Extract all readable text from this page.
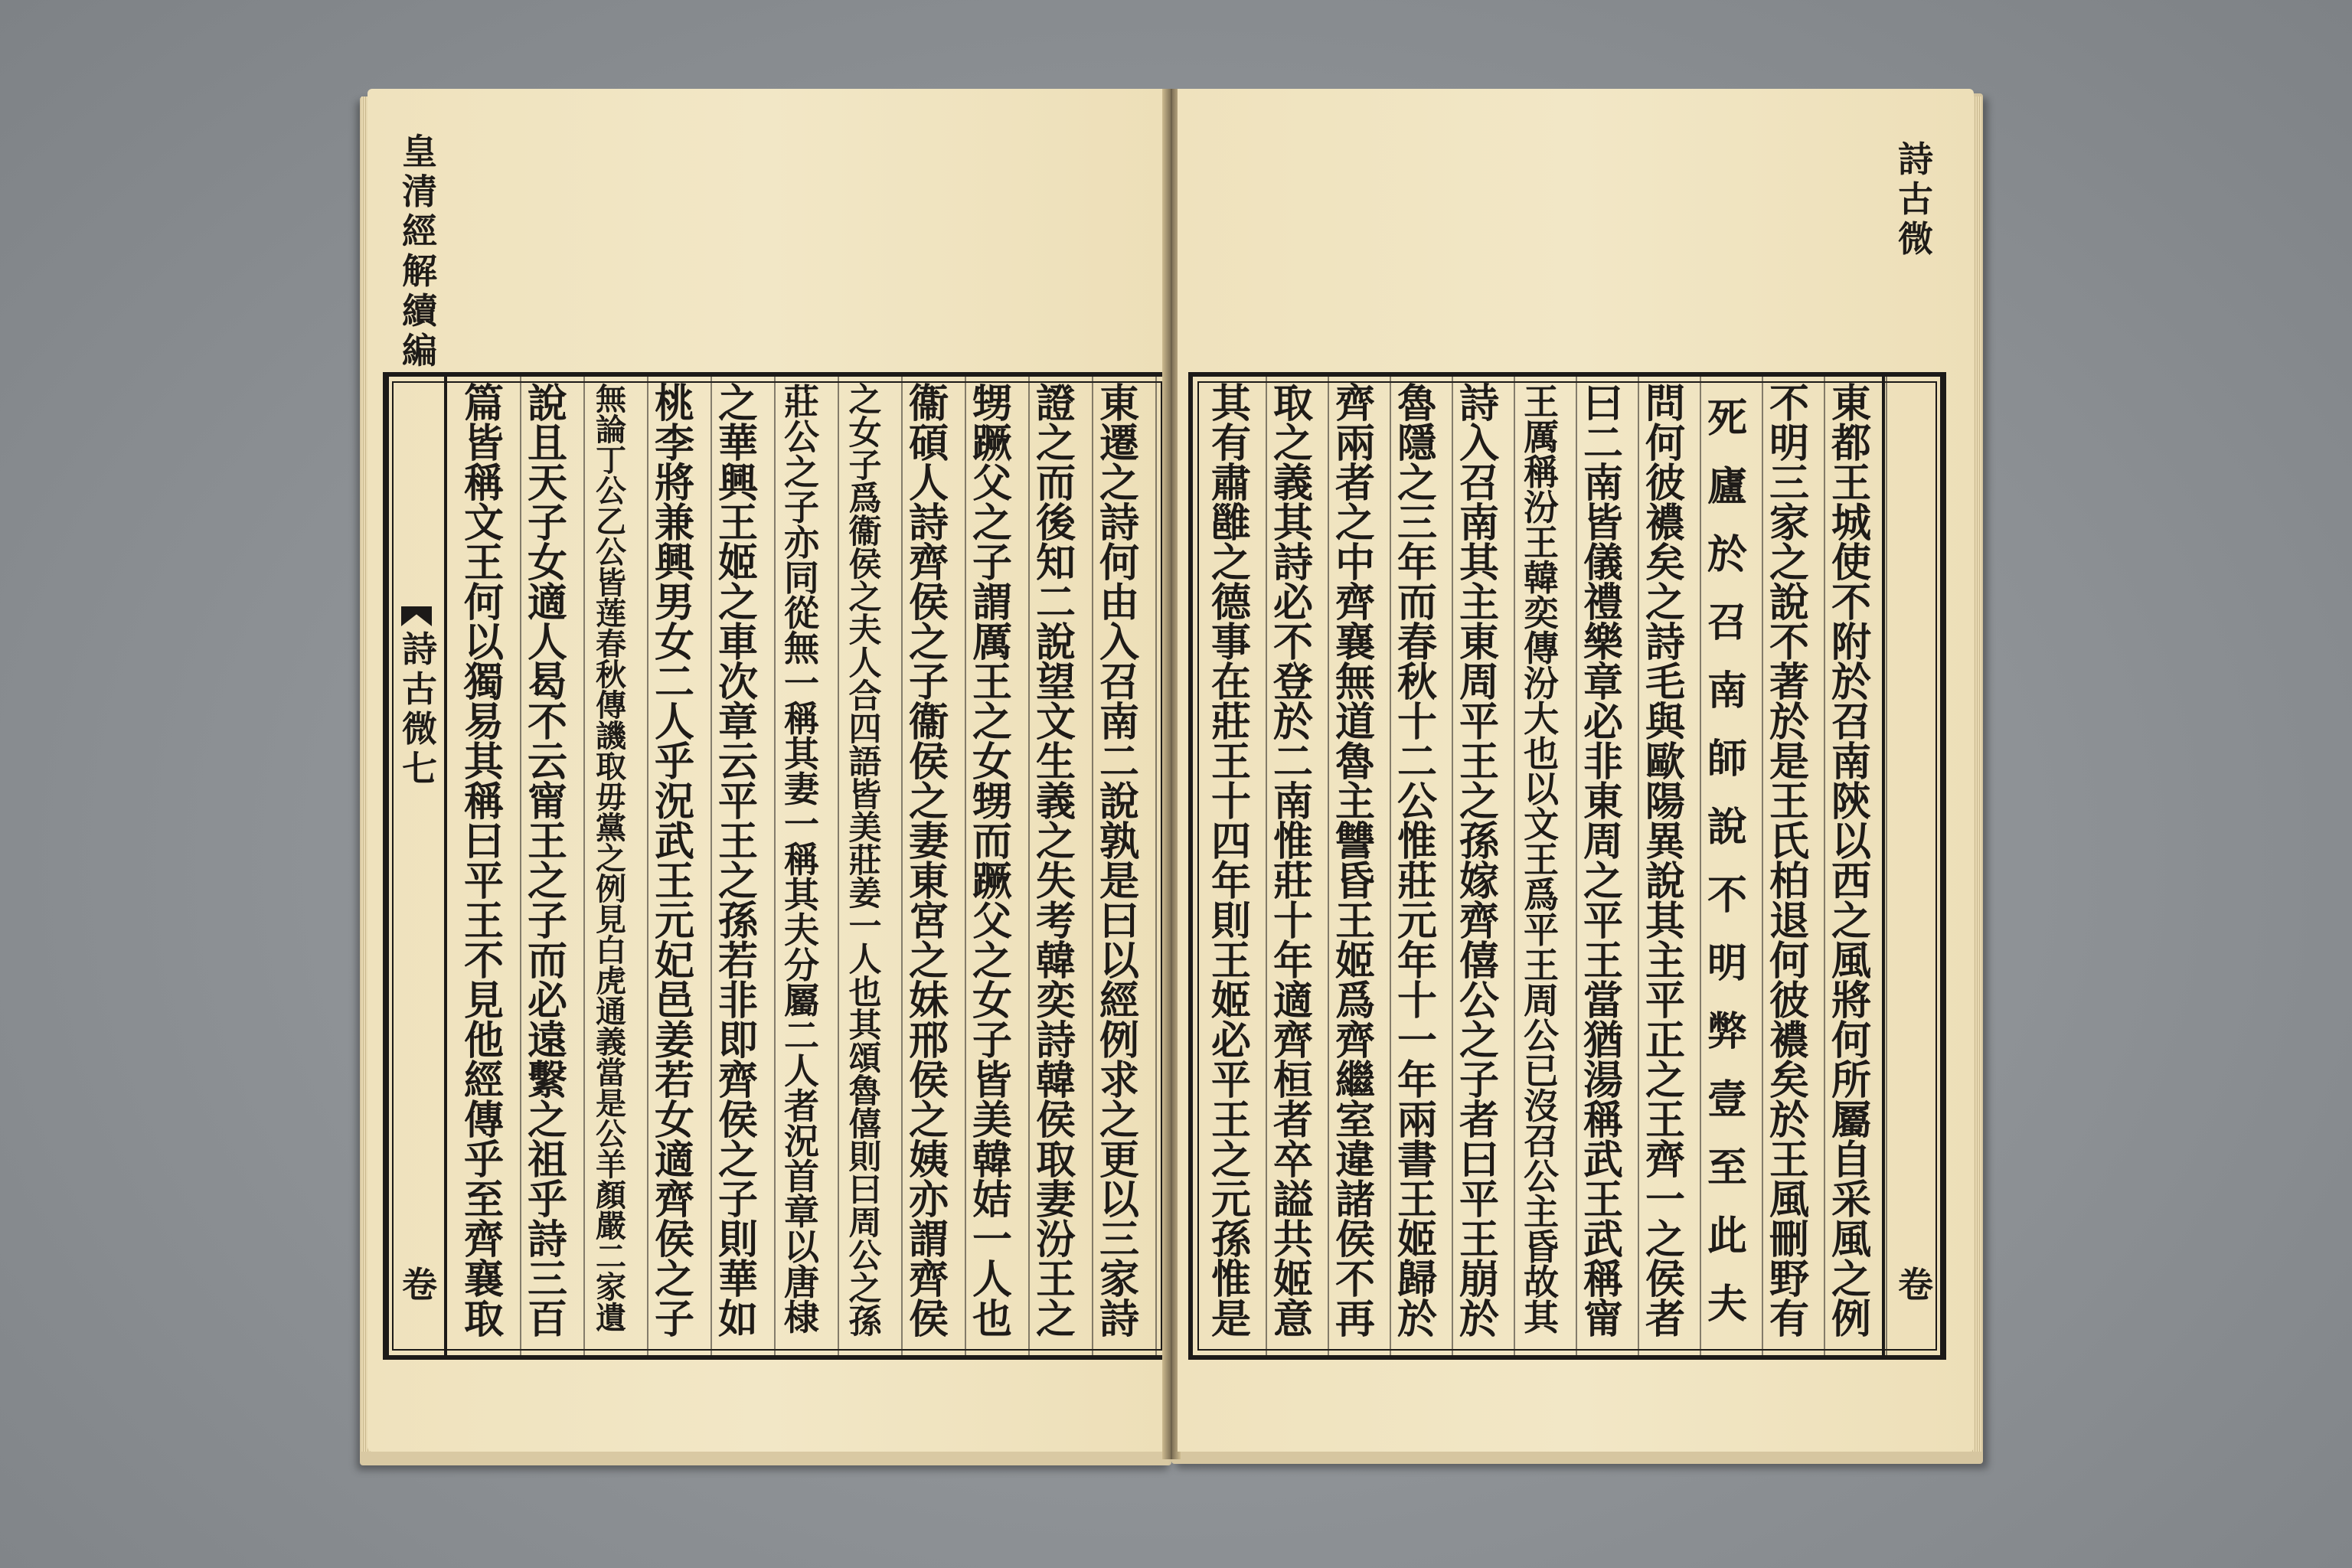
皇
清
經
解
續
編
詩
古
微
七
卷
篇
皆
稱
文
王
何
以
獨
易
其
稱
曰
平
王
不
見
他
經
傳
乎
至
齊
襄
取
說
且
天
子
女
適
人
曷
不
云
甯
王
之
子
而
必
遠
繫
之
祖
乎
詩
三
百
無
論
丁
公
乙
公
皆
莲
春
秋
傳
譏
取
毋
黨
之
例
見
白
虎
通
義
當
是
公
羊
顏
嚴
二
家
遺
桃
李
將
兼
興
男
女
二
人
乎
況
武
王
元
妃
邑
姜
若
女
適
齊
侯
之
子
之
華
興
王
姬
之
車
次
章
云
平
王
之
孫
若
非
即
齊
侯
之
子
則
華
如
莊
公
之
子
亦
同
從
無
一
稱
其
妻
一
稱
其
夫
分
屬
二
人
者
況
首
章
以
唐
棣
之
女
子
爲
衞
侯
之
夫
人
合
四
語
皆
美
莊
姜
一
人
也
其
頌
魯
僖
則
曰
周
公
之
孫
衞
碩
人
詩
齊
侯
之
子
衞
侯
之
妻
東
宮
之
妹
邢
侯
之
姨
亦
謂
齊
侯
甥
蹶
父
之
子
謂
厲
王
之
女
甥
而
蹶
父
之
女
子
皆
美
韓
姞
一
人
也
證
之
而
後
知
二
說
望
文
生
義
之
失
考
韓
奕
詩
韓
侯
取
妻
汾
王
之
東
遷
之
詩
何
由
入
召
南
二
說
孰
是
曰
以
經
例
求
之
更
以
三
家
詩
其
有
肅
雝
之
德
事
在
莊
王
十
四
年
則
王
姬
必
平
王
之
元
孫
惟
是
取
之
義
其
詩
必
不
登
於
二
南
惟
莊
十
年
適
齊
桓
者
卒
謚
共
姬
意
齊
兩
者
之
中
齊
襄
無
道
魯
主
讐
昏
王
姬
爲
齊
繼
室
違
諸
侯
不
再
魯
隱
之
三
年
而
春
秋
十
二
公
惟
莊
元
年
十
一
年
兩
書
王
姬
歸
於
詩
入
召
南
其
主
東
周
平
王
之
孫
嫁
齊
僖
公
之
子
者
曰
平
王
崩
於
王
厲
稱
汾
王
韓
奕
傳
汾
大
也
以
文
王
爲
平
王
周
公
已
沒
召
公
主
昏
故
其
曰
二
南
皆
儀
禮
樂
章
必
非
東
周
之
平
王
當
猶
湯
稱
武
王
武
稱
甯
問
何
彼
襛
矣
之
詩
毛
與
歐
陽
異
說
其
主
平
正
之
王
齊
一
之
侯
者
死
廬
於
召
南
師
說
不
明
弊
壹
至
此
夫
不
明
三
家
之
說
不
著
於
是
王
氏
柏
退
何
彼
襛
矣
於
王
風
刪
野
有
東
都
王
城
使
不
附
於
召
南
陝
以
西
之
風
將
何
所
屬
自
采
風
之
例
詩
古
微
卷
